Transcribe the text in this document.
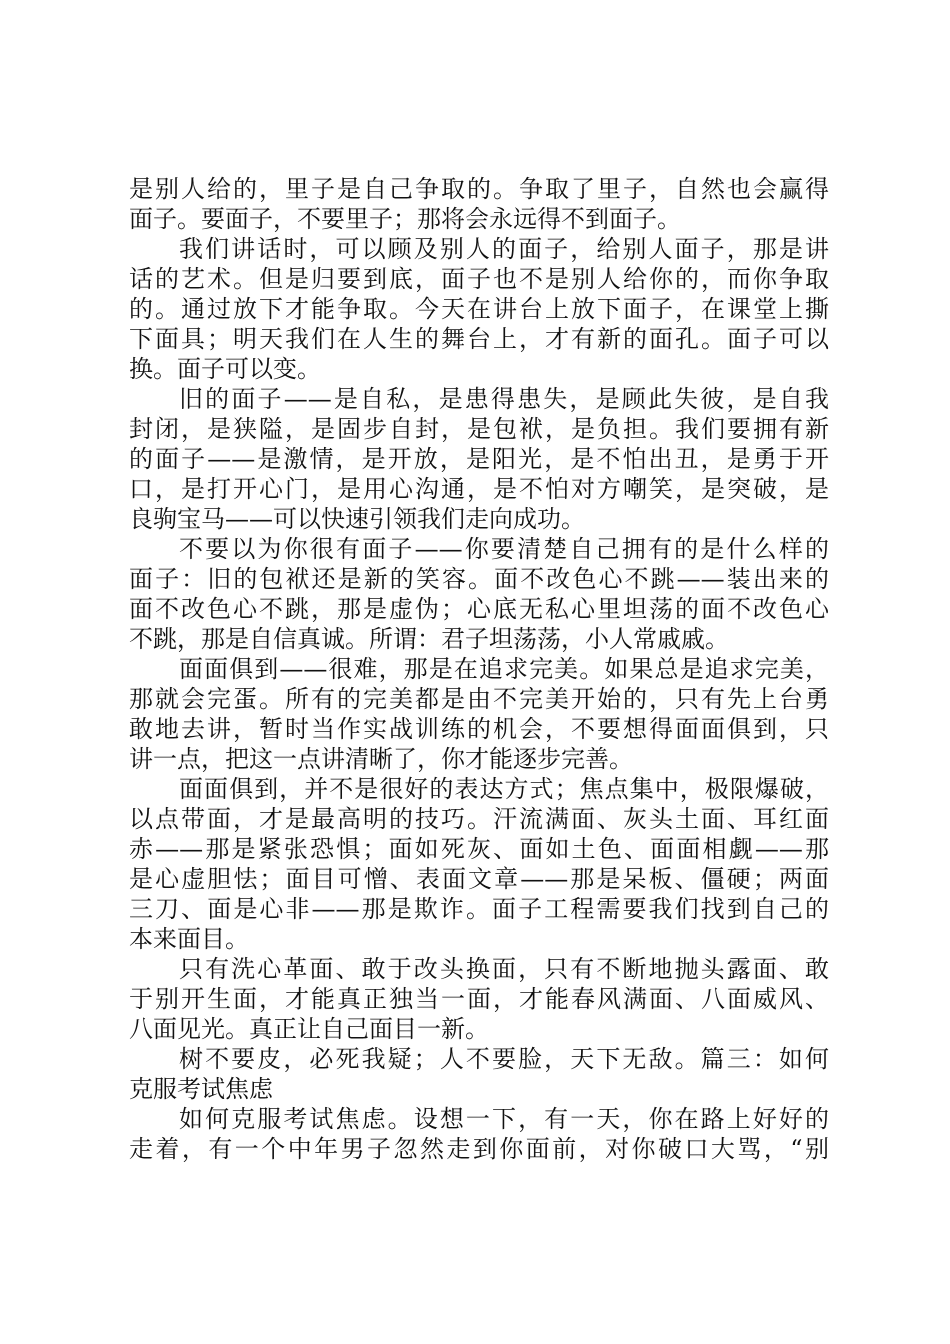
是别人给的，里子是自己争取的。争取了里子，自然也会赢得
面子。要面子，不要里子；那将会永远得不到面子。
我们讲话时，可以顾及别人的面子，给别人面子，那是讲
话的艺术。但是归要到底，面子也不是别人给你的，而你争取
的。通过放下才能争取。今天在讲台上放下面子，在课堂上撕
下面具；明天我们在人生的舞台上，才有新的面孔。面子可以
换。面子可以变。
旧的面子——是自私，是患得患失，是顾此失彼，是自我
封闭，是狭隘，是固步自封，是包袱，是负担。我们要拥有新
的面子——是激情，是开放，是阳光，是不怕出丑，是勇于开
口，是打开心门，是用心沟通，是不怕对方嘲笑，是突破，是
良驹宝马——可以快速引领我们走向成功。
不要以为你很有面子——你要清楚自己拥有的是什么样的
面子：旧的包袱还是新的笑容。面不改色心不跳——装出来的
面不改色心不跳，那是虚伪；心底无私心里坦荡的面不改色心
不跳，那是自信真诚。所谓：君子坦荡荡，小人常戚戚。
面面俱到——很难，那是在追求完美。如果总是追求完美，
那就会完蛋。所有的完美都是由不完美开始的，只有先上台勇
敢地去讲，暂时当作实战训练的机会，不要想得面面俱到，只
讲一点，把这一点讲清晰了，你才能逐步完善。
面面俱到，并不是很好的表达方式；焦点集中，极限爆破，
以点带面，才是最高明的技巧。汗流满面、灰头土面、耳红面
赤——那是紧张恐惧；面如死灰、面如土色、面面相觑——那
是心虚胆怯；面目可憎、表面文章——那是呆板、僵硬；两面
三刀、面是心非——那是欺诈。面子工程需要我们找到自己的
本来面目。
只有洗心革面、敢于改头换面，只有不断地抛头露面、敢
于别开生面，才能真正独当一面，才能春风满面、八面威风、
八面见光。真正让自己面目一新。
树不要皮，必死我疑；人不要脸，天下无敌。篇三：如何
克服考试焦虑
如何克服考试焦虑。设想一下，有一天，你在路上好好的
走着，有一个中年男子忽然走到你面前，对你破口大骂，“别
